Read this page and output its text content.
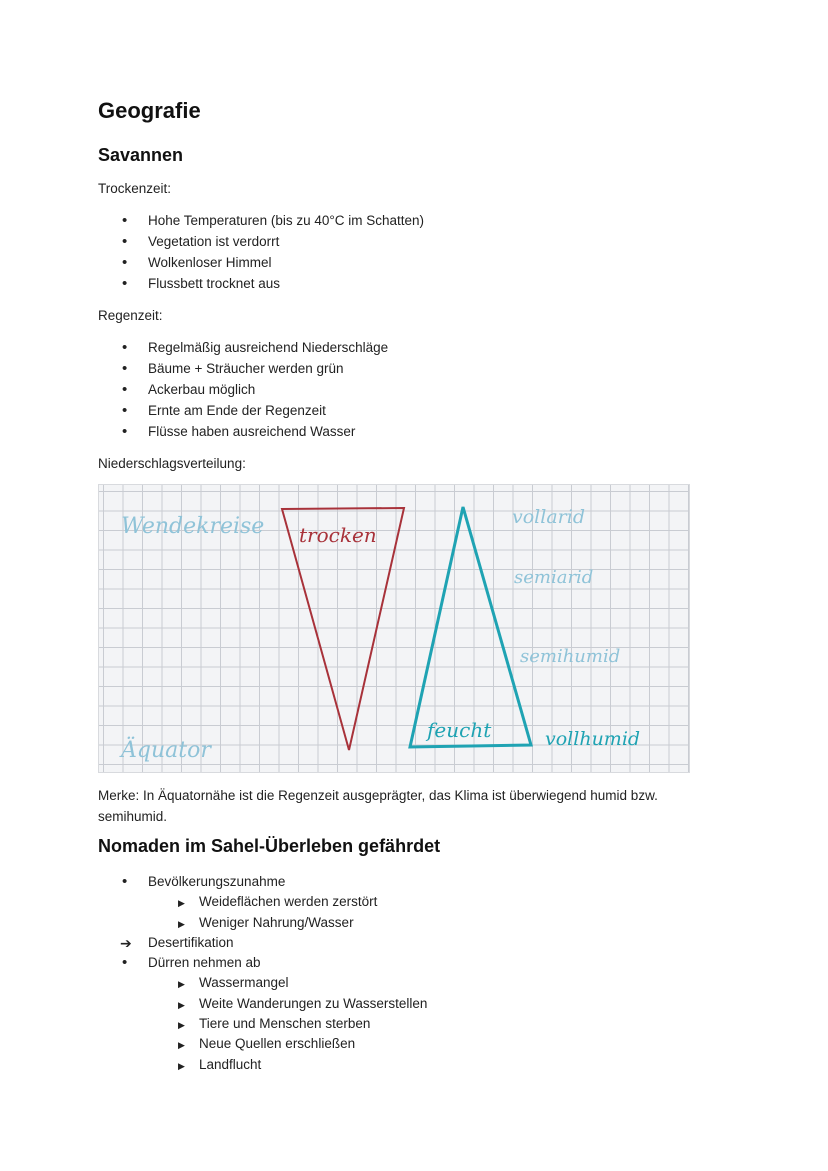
Geografie
Savannen

Trockenzeit:

• Hohe Temperaturen (bis zu 40°C im Schatten)
• Vegetation ist verdorrt
• Wolkenloser Himmel
• Flussbett trocknet aus

Regenzeit:

• Regelmäßig ausreichend Niederschläge
• Bäume + Sträucher werden grün
• Ackerbau möglich
• Ernte am Ende der Regenzeit
• Flüsse haben ausreichend Wasser

Niederschlagsverteilung:

Wendekreise
Äquator
trocken
feucht
vollarid
semiarid
semihumid
vollhumid

Merke: In Äquatornähe ist die Regenzeit ausgeprägter, das Klima ist überwiegend humid bzw. semihumid.

Nomaden im Sahel-Überleben gefährdet
• Bevölkerungszunahme
▶ Weideflächen werden zerstört
▶ Weniger Nahrung/Wasser
➔ Desertifikation
• Dürren nehmen ab
▶ Wassermangel
▶ Weite Wanderungen zu Wasserstellen
▶ Tiere und Menschen sterben
▶ Neue Quellen erschließen
▶ Landflucht
